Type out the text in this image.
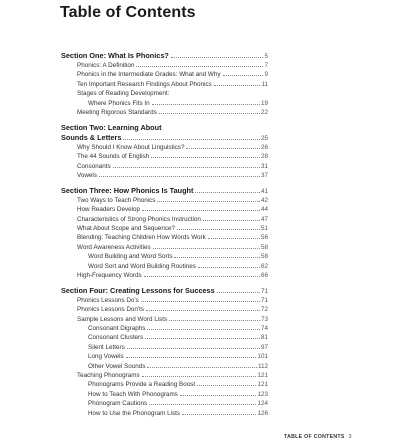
Table of Contents
Section One: What Is Phonics?	5
Phonics: A Definition	7
Phonics in the Intermediate Grades: What and Why	9
Ten Important Research Findings About Phonics	11
Stages of Reading Development:
Where Phonics Fits In	19
Meeting Rigorous Standards	22
Section Two: Learning About
Sounds & Letters	25
Why Should I Know About Linguistics?	26
The 44 Sounds of English	28
Consonants	31
Vowels	37
Section Three: How Phonics Is Taught	41
Two Ways to Teach Phonics	42
How Readers Develop	44
Characteristics of Strong Phonics Instruction	47
What About Scope and Sequence?	51
Blending: Teaching Children How Words Work	56
Word Awareness Activities	58
Word Building and Word Sorts	58
Word Sort and Word Building Routines	62
High-Frequency Words	66
Section Four: Creating Lessons for Success	71
Phonics Lessons Do's	71
Phonics Lessons Don'ts	72
Sample Lessons and Word Lists	73
Consonant Digraphs	74
Consonant Clusters	81
Silent Letters	97
Long Vowels	101
Other Vowel Sounds	112
Teaching Phonograms	121
Phonograms Provide a Reading Boost	121
How to Teach With Phonograms	123
Phonogram Cautions	124
How to Use the Phonogram Lists	126
TABLE OF CONTENTS 3
